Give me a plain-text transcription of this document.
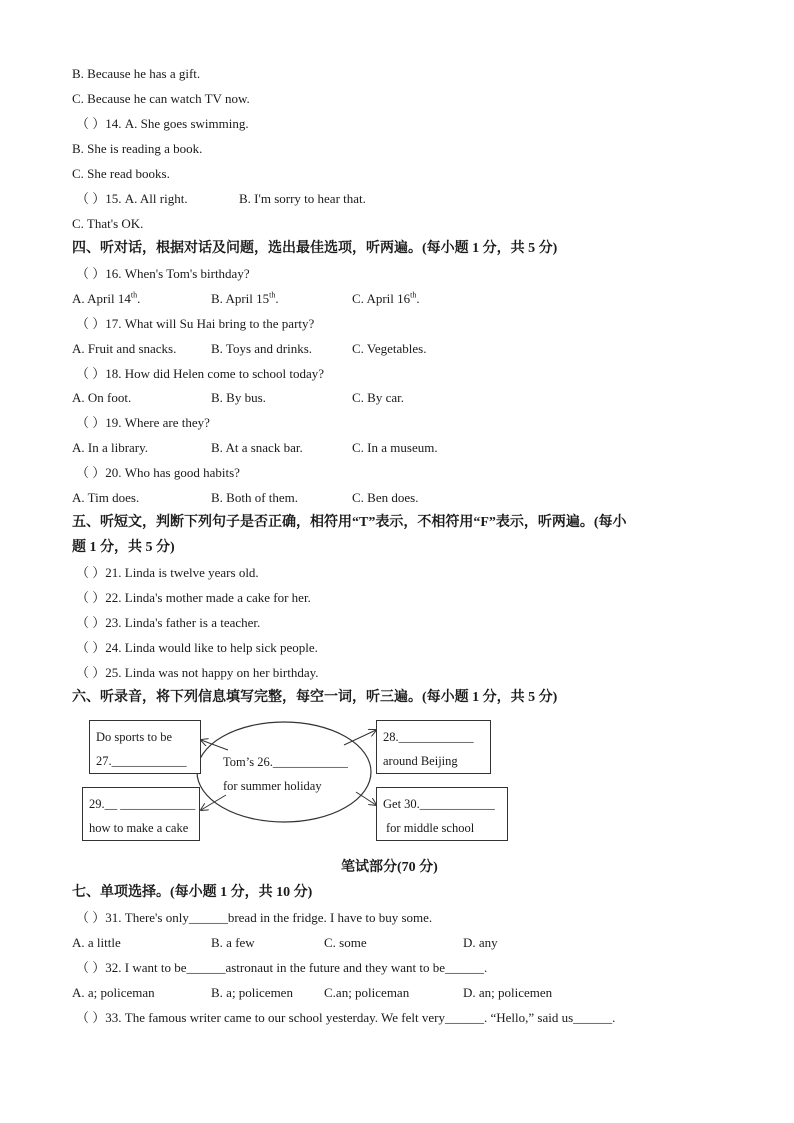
B. Because he has a gift.
C. Because he can watch TV now.
（ ）14. A. She goes swimming.
B. She is reading a book.
C. She read books.
（ ）15. A. All right.	B. I'm sorry to hear that.
C. That's OK.
四、听对话，根据对话及问题，选出最佳选项，听两遍。(每小题 1 分，共 5 分)
（ ）16. When's Tom's birthday?
A. April 14th.	B. April 15th.	C. April 16th.
（ ）17. What will Su Hai bring to the party?
A. Fruit and snacks.	B. Toys and drinks.	C. Vegetables.
（ ）18. How did Helen come to school today?
A. On foot.	B. By bus.	C. By car.
（ ）19. Where are they?
A. In a library.	B. At a snack bar.	C. In a museum.
（ ）20. Who has good habits?
A. Tim does.	B. Both of them.	C. Ben does.
五、听短文，判断下列句子是否正确，相符用“T”表示，不相符用“F”表示，听两遍。(每小
题 1 分，共 5 分)
（ ）21. Linda is twelve years old.
（ ）22. Linda's mother made a cake for her.
（ ）23. Linda's father is a teacher.
（ ）24. Linda would like to help sick people.
（ ）25. Linda was not happy on her birthday.
六、听录音，将下列信息填写完整，每空一词，听三遍。(每小题 1 分，共 5 分)
Do sports to be
27.____________
28.____________
around Beijing
29.__ ____________
how to make a cake
Get 30.____________
for middle school
Tom’s 26.____________
for summer holiday
笔试部分(70 分)
七、单项选择。(每小题 1 分，共 10 分)
（ ）31. There's only______bread in the fridge. I have to buy some.
A. a little	B. a few	C. some	D. any
（ ）32. I want to be______astronaut in the future and they want to be______.
A. a; policeman	B. a; policemen C.an; policeman	D. an; policemen
（ ）33. The famous writer came to our school yesterday. We felt very______. “Hello,” said us______.
